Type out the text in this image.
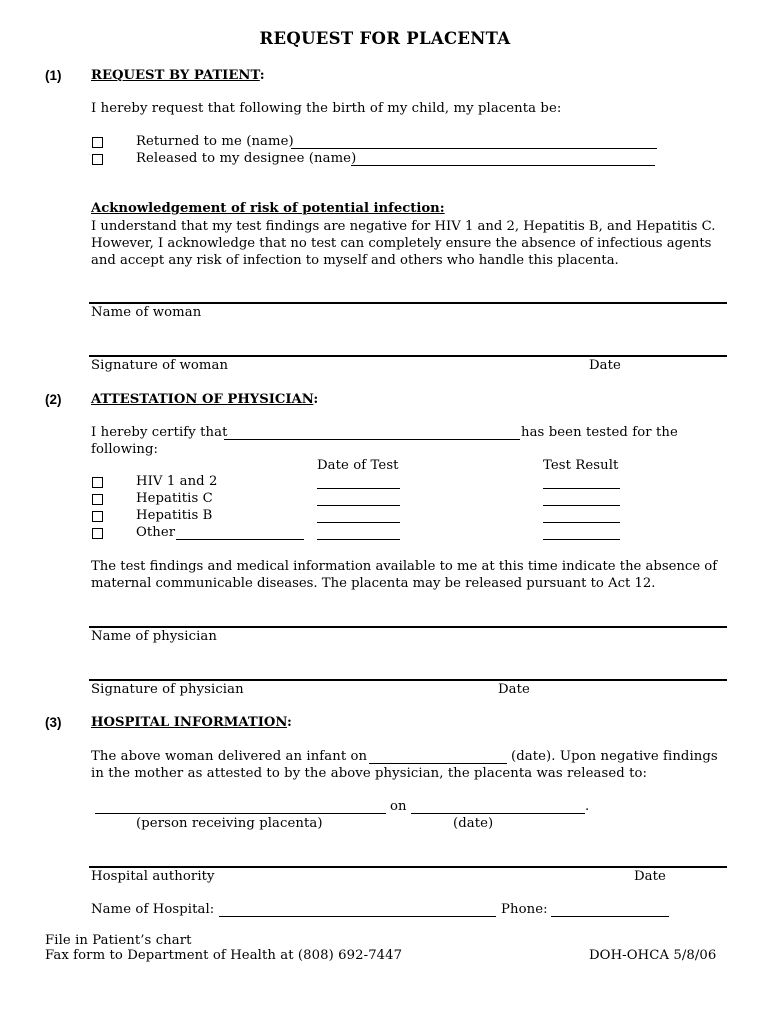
REQUEST FOR PLACENTA
(1) REQUEST BY PATIENT:
I hereby request that following the birth of my child, my placenta be:
Returned to me (name)
Released to my designee (name)
Acknowledgement of risk of potential infection:
I understand that my test findings are negative for HIV 1 and 2, Hepatitis B, and Hepatitis C.
However, I acknowledge that no test can completely ensure the absence of infectious agents
and accept any risk of infection to myself and others who handle this placenta.
Name of woman
Signature of woman	Date
(2) ATTESTATION OF PHYSICIAN:
I hereby certify that	has been tested for the
following:
Date of Test	Test Result
HIV 1 and 2
Hepatitis C
Hepatitis B
Other
The test findings and medical information available to me at this time indicate the absence of
maternal communicable diseases. The placenta may be released pursuant to Act 12.
Name of physician
Signature of physician	Date
(3) HOSPITAL INFORMATION:
The above woman delivered an infant on	(date). Upon negative findings
in the mother as attested to by the above physician, the placenta was released to:
on	.
(person receiving placenta)	(date)
Hospital authority	Date
Name of Hospital:	Phone:
File in Patient’s chart
Fax form to Department of Health at (808) 692-7447	DOH-OHCA 5/8/06
